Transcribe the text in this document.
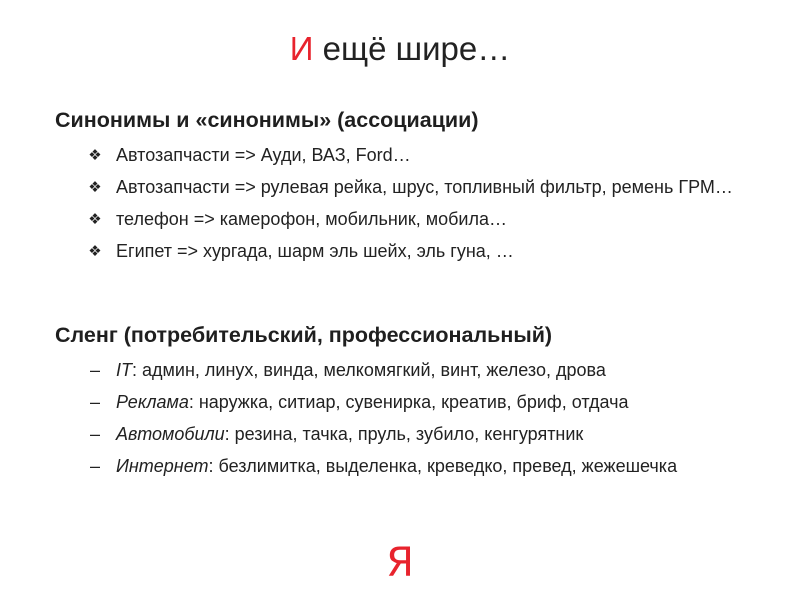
И ещё шире…
Синонимы и «синонимы» (ассоциации)
❖ Автозапчасти => Ауди, ВАЗ, Ford…
❖ Автозапчасти => рулевая рейка, шрус, топливный фильтр, ремень ГРМ…
❖ телефон => камерофон, мобильник, мобила…
❖ Египет => хургада, шарм эль шейх, эль гуна, …
Сленг (потребительский, профессиональный)
– IT: админ, линух, винда, мелкомягкий, винт, железо, дрова
– Реклама: наружка, ситиар, сувенирка, креатив, бриф, отдача
– Автомобили: резина, тачка, пруль, зубило, кенгурятник
– Интернет: безлимитка, выделенка, креведко, превед, жежешечка
Я
